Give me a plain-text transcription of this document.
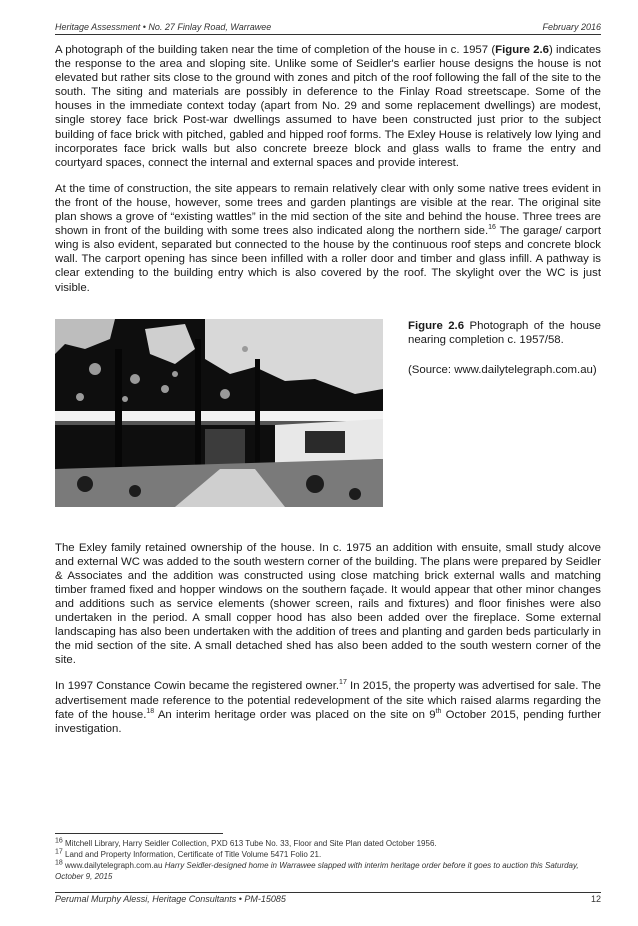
Heritage Assessment • No. 27 Finlay Road, Warrawee	February 2016

A photograph of the building taken near the time of completion of the house in c. 1957 (Figure 2.6) indicates the response to the area and sloping site. Unlike some of Seidler's earlier house designs the house is not elevated but rather sits close to the ground with zones and pitch of the roof following the fall of the site to the south. The siting and materials are possibly in deference to the Finlay Road streetscape. Some of the houses in the immediate context today (apart from No. 29 and some replacement dwellings) are modest, single storey face brick Post-war dwellings assumed to have been constructed just prior to the subject building of face brick with pitched, gabled and hipped roof forms. The Exley House is relatively low lying and incorporates face brick walls but also concrete breeze block and glass walls to frame the entry and courtyard spaces, connect the internal and external spaces and provide interest.

At the time of construction, the site appears to remain relatively clear with only some native trees evident in the front of the house, however, some trees and garden plantings are visible at the rear. The original site plan shows a grove of “existing wattles” in the mid section of the site and behind the house. Three trees are shown in front of the building with some trees also indicated along the northern side.$^{16}$ The garage/ carport wing is also evident, separated but connected to the house by the continuous roof steps and concrete block wall. The carport opening has since been infilled with a roller door and timber and glass infill. A pathway is clear extending to the building entry which is also covered by the roof. The skylight over the WC is just visible.

Figure 2.6 Photograph of the house nearing completion c. 1957/58.
(Source: www.dailytelegraph.com.au)

The Exley family retained ownership of the house. In c. 1975 an addition with ensuite, small study alcove and external WC was added to the south western corner of the building. The plans were prepared by Seidler & Associates and the addition was constructed using close matching brick external walls and matching timber framed fixed and hopper windows on the southern façade. It would appear that other minor changes and additions such as service elements (shower screen, rails and fixtures) and floor finishes were also undertaken in the period. A small copper hood has also been added over the fireplace. Some external landscaping has also been undertaken with the addition of trees and planting and garden beds particularly in the mid section of the site. A small detached shed has also been added to the south western corner of the site.

In 1997 Constance Cowin became the registered owner.$^{17}$ In 2015, the property was advertised for sale. The advertisement made reference to the potential redevelopment of the site which raised alarms regarding the fate of the house.$^{18}$ An interim heritage order was placed on the site on 9th October 2015, pending further investigation.

$^{16}$ Mitchell Library, Harry Seidler Collection, PXD 613 Tube No. 33, Floor and Site Plan dated October 1956.
$^{17}$ Land and Property Information, Certificate of Title Volume 5471 Folio 21.
$^{18}$ www.dailytelegraph.com.au Harry Seidler-designed home in Warrawee slapped with interim heritage order before it goes to auction this Saturday, October 9, 2015
Perumal Murphy Alessi, Heritage Consultants • PM-15085	12
